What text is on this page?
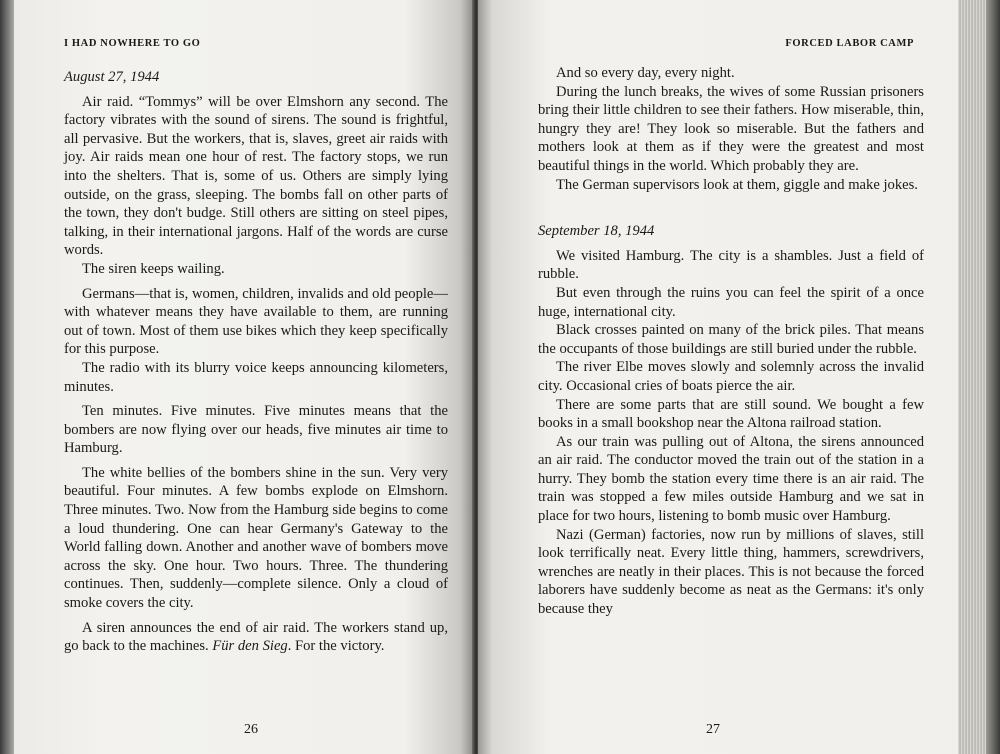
I HAD NOWHERE TO GO

August 27, 1944

Air raid. “Tommys” will be over Elmshorn any second. The factory vibrates with the sound of sirens. The sound is frightful, all pervasive. But the workers, that is, slaves, greet air raids with joy. Air raids mean one hour of rest. The factory stops, we run into the shelters. That is, some of us. Others are simply lying outside, on the grass, sleeping. The bombs fall on other parts of the town, they don't budge. Still others are sitting on steel pipes, talking, in their international jargons. Half of the words are curse words.

The siren keeps wailing.

Germans—that is, women, children, invalids and old people—with whatever means they have available to them, are running out of town. Most of them use bikes which they keep specifically for this purpose.

The radio with its blurry voice keeps announcing kilometers, minutes.

Ten minutes. Five minutes. Five minutes means that the bombers are now flying over our heads, five minutes air time to Hamburg.

The white bellies of the bombers shine in the sun. Very very beautiful. Four minutes. A few bombs explode on Elmshorn. Three minutes. Two. Now from the Hamburg side begins to come a loud thundering. One can hear Germany's Gateway to the World falling down. Another and another wave of bombers move across the sky. One hour. Two hours. Three. The thundering continues. Then, suddenly—complete silence. Only a cloud of smoke covers the city.

A siren announces the end of air raid. The workers stand up, go back to the machines. Für den Sieg. For the victory.

26
FORCED LABOR CAMP

And so every day, every night.

During the lunch breaks, the wives of some Russian prisoners bring their little children to see their fathers. How miserable, thin, hungry they are! They look so miserable. But the fathers and mothers look at them as if they were the greatest and most beautiful things in the world. Which probably they are.

The German supervisors look at them, giggle and make jokes.

September 18, 1944

We visited Hamburg. The city is a shambles. Just a field of rubble.

But even through the ruins you can feel the spirit of a once huge, international city.

Black crosses painted on many of the brick piles. That means the occupants of those buildings are still buried under the rubble.

The river Elbe moves slowly and solemnly across the invalid city. Occasional cries of boats pierce the air.

There are some parts that are still sound. We bought a few books in a small bookshop near the Altona railroad station.

As our train was pulling out of Altona, the sirens announced an air raid. The conductor moved the train out of the station in a hurry. They bomb the station every time there is an air raid. The train was stopped a few miles outside Hamburg and we sat in place for two hours, listening to bomb music over Hamburg.

Nazi (German) factories, now run by millions of slaves, still look terrifically neat. Every little thing, hammers, screwdrivers, wrenches are neatly in their places. This is not because the forced laborers have suddenly become as neat as the Germans: it's only because they

27
